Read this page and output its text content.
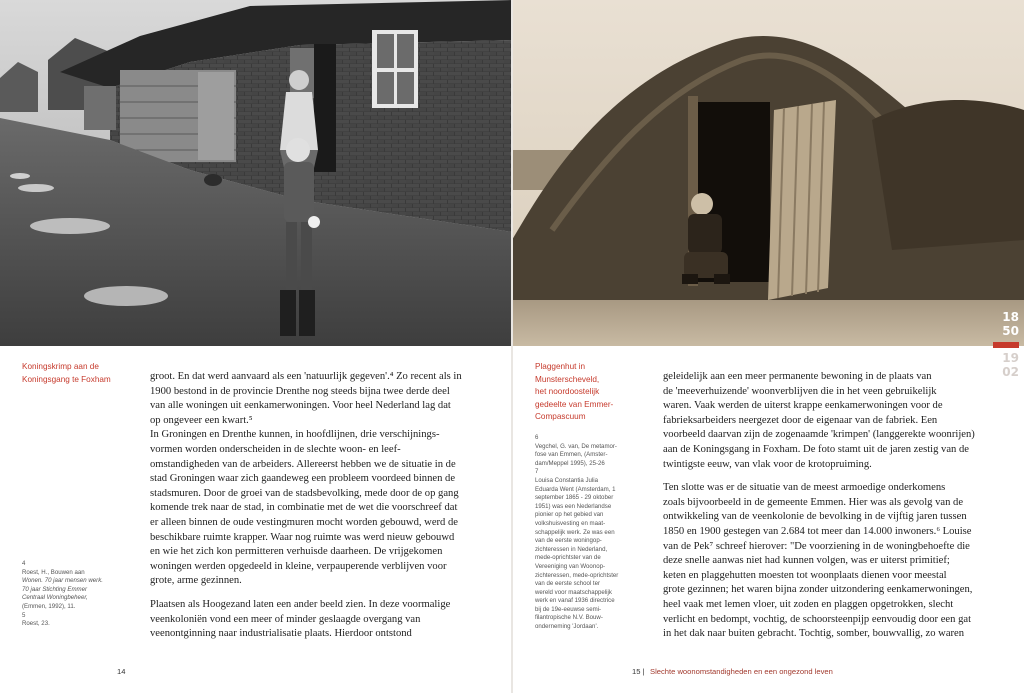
Koningskrimp aan de
Koningsgang te Foxham	groot. En dat werd aanvaard als een 'natuurlijk gegeven'.⁴ Zo recent als in
1900 bestond in de provincie Drenthe nog steeds bijna twee derde deel
van alle woningen uit eenkamerwoningen. Voor heel Nederland lag dat
op ongeveer een kwart.⁵
In Groningen en Drenthe kunnen, in hoofdlijnen, drie verschijnings-
vormen worden onderscheiden in de slechte woon- en leef-
omstandigheden van de arbeiders. Allereerst hebben we de situatie in de
stad Groningen waar zich gaandeweg een probleem voordeed binnen de
stadsmuren. Door de groei van de stadsbevolking, mede door de op gang
komende trek naar de stad, in combinatie met de wet die voorschreef dat
er alleen binnen de oude vestingmuren mocht worden gebouwd, werd de
beschikbare ruimte krapper. Waar nog ruimte was werd nieuw gebouwd
en wie het zich kon permitteren verhuisde daarheen. De vrijgekomen
woningen werden opgedeeld in kleine, verpauperende verblijven voor
grote, arme gezinnen.
Plaatsen als Hoogezand laten een ander beeld zien. In deze voormalige
veenkoloniën vond een meer of minder geslaagde overgang van
veenontginning naar industrialisatie plaats. Hierdoor ontstond
4
Roest, H., Bouwen aan
Wonen. 70 jaar mensen werk.
70 jaar Stichting Emmer
Centraal Woningbeheer,
(Emmen, 1992), 11.
5
Roest, 23.
14
Plaggenhut in
Munsterscheveld,
het noordoostelijk
gedeelte van Emmer-
Compascuum
6
Vegchel, G. van, De metamor-
fose van Emmen, (Amster-
dam/Meppel 1995), 25-26
7
Louisa Constantia Julia
Eduarda Went (Amsterdam, 1
september 1865 - 29 oktober
1951) was een Nederlandse
pionier op het gebied van
volkshuisvesting en maat-
schappelijk werk. Ze was een
van de eerste woningop-
zichteressen in Nederland,
mede-oprichtster van de
Vereeniging van Woonop-
zichteressen, mede-oprichtster van de eerste school ter
wereld voor maatschappelijk
werk en vanaf 1936 directrice
bij de 19e-eeuwse semi-
filantropische N.V. Bouw-
onderneming 'Jordaan'.
geleidelijk aan een meer permanente bewoning in de plaats van
de 'meeverhuizende' woonverblijven die in het veen gebruikelijk
waren. Vaak werden de uiterst krappe eenkamerwoningen voor de
fabrieksarbeiders neergezet door de eigenaar van de fabriek. Een
voorbeeld daarvan zijn de zogenaamde 'krimpen' (langgerekte woonrijen)
aan de Koningsgang in Foxham. De foto stamt uit de jaren zestig van de
twintigste eeuw, van vlak voor de krotopruiming.
Ten slotte was er de situatie van de meest armoedige onderkomens
zoals bijvoorbeeld in de gemeente Emmen. Hier was als gevolg van de
ontwikkeling van de veenkolonie de bevolking in de vijftig jaren tussen
1850 en 1900 gestegen van 2.684 tot meer dan 14.000 inwoners.⁶ Louise
van de Pek⁷ schreef hierover: "De voorziening in de woningbehoefte die
deze snelle aanwas niet had kunnen volgen, was er uiterst primitief;
keten en plaggehutten moesten tot woonplaats dienen voor meestal
grote gezinnen; het waren bijna zonder uitzondering eenkamerwoningen,
heel vaak met lemen vloer, uit zoden en plaggen opgetrokken, slecht
verlicht en bedompt, vochtig, de schoorsteenpijp eenvoudig door een gat
in het dak naar buiten gebracht. Tochtig, somber, bouwvallig, zo waren
18
50
19
02
15 | Slechte woonomstandigheden en een ongezond leven
